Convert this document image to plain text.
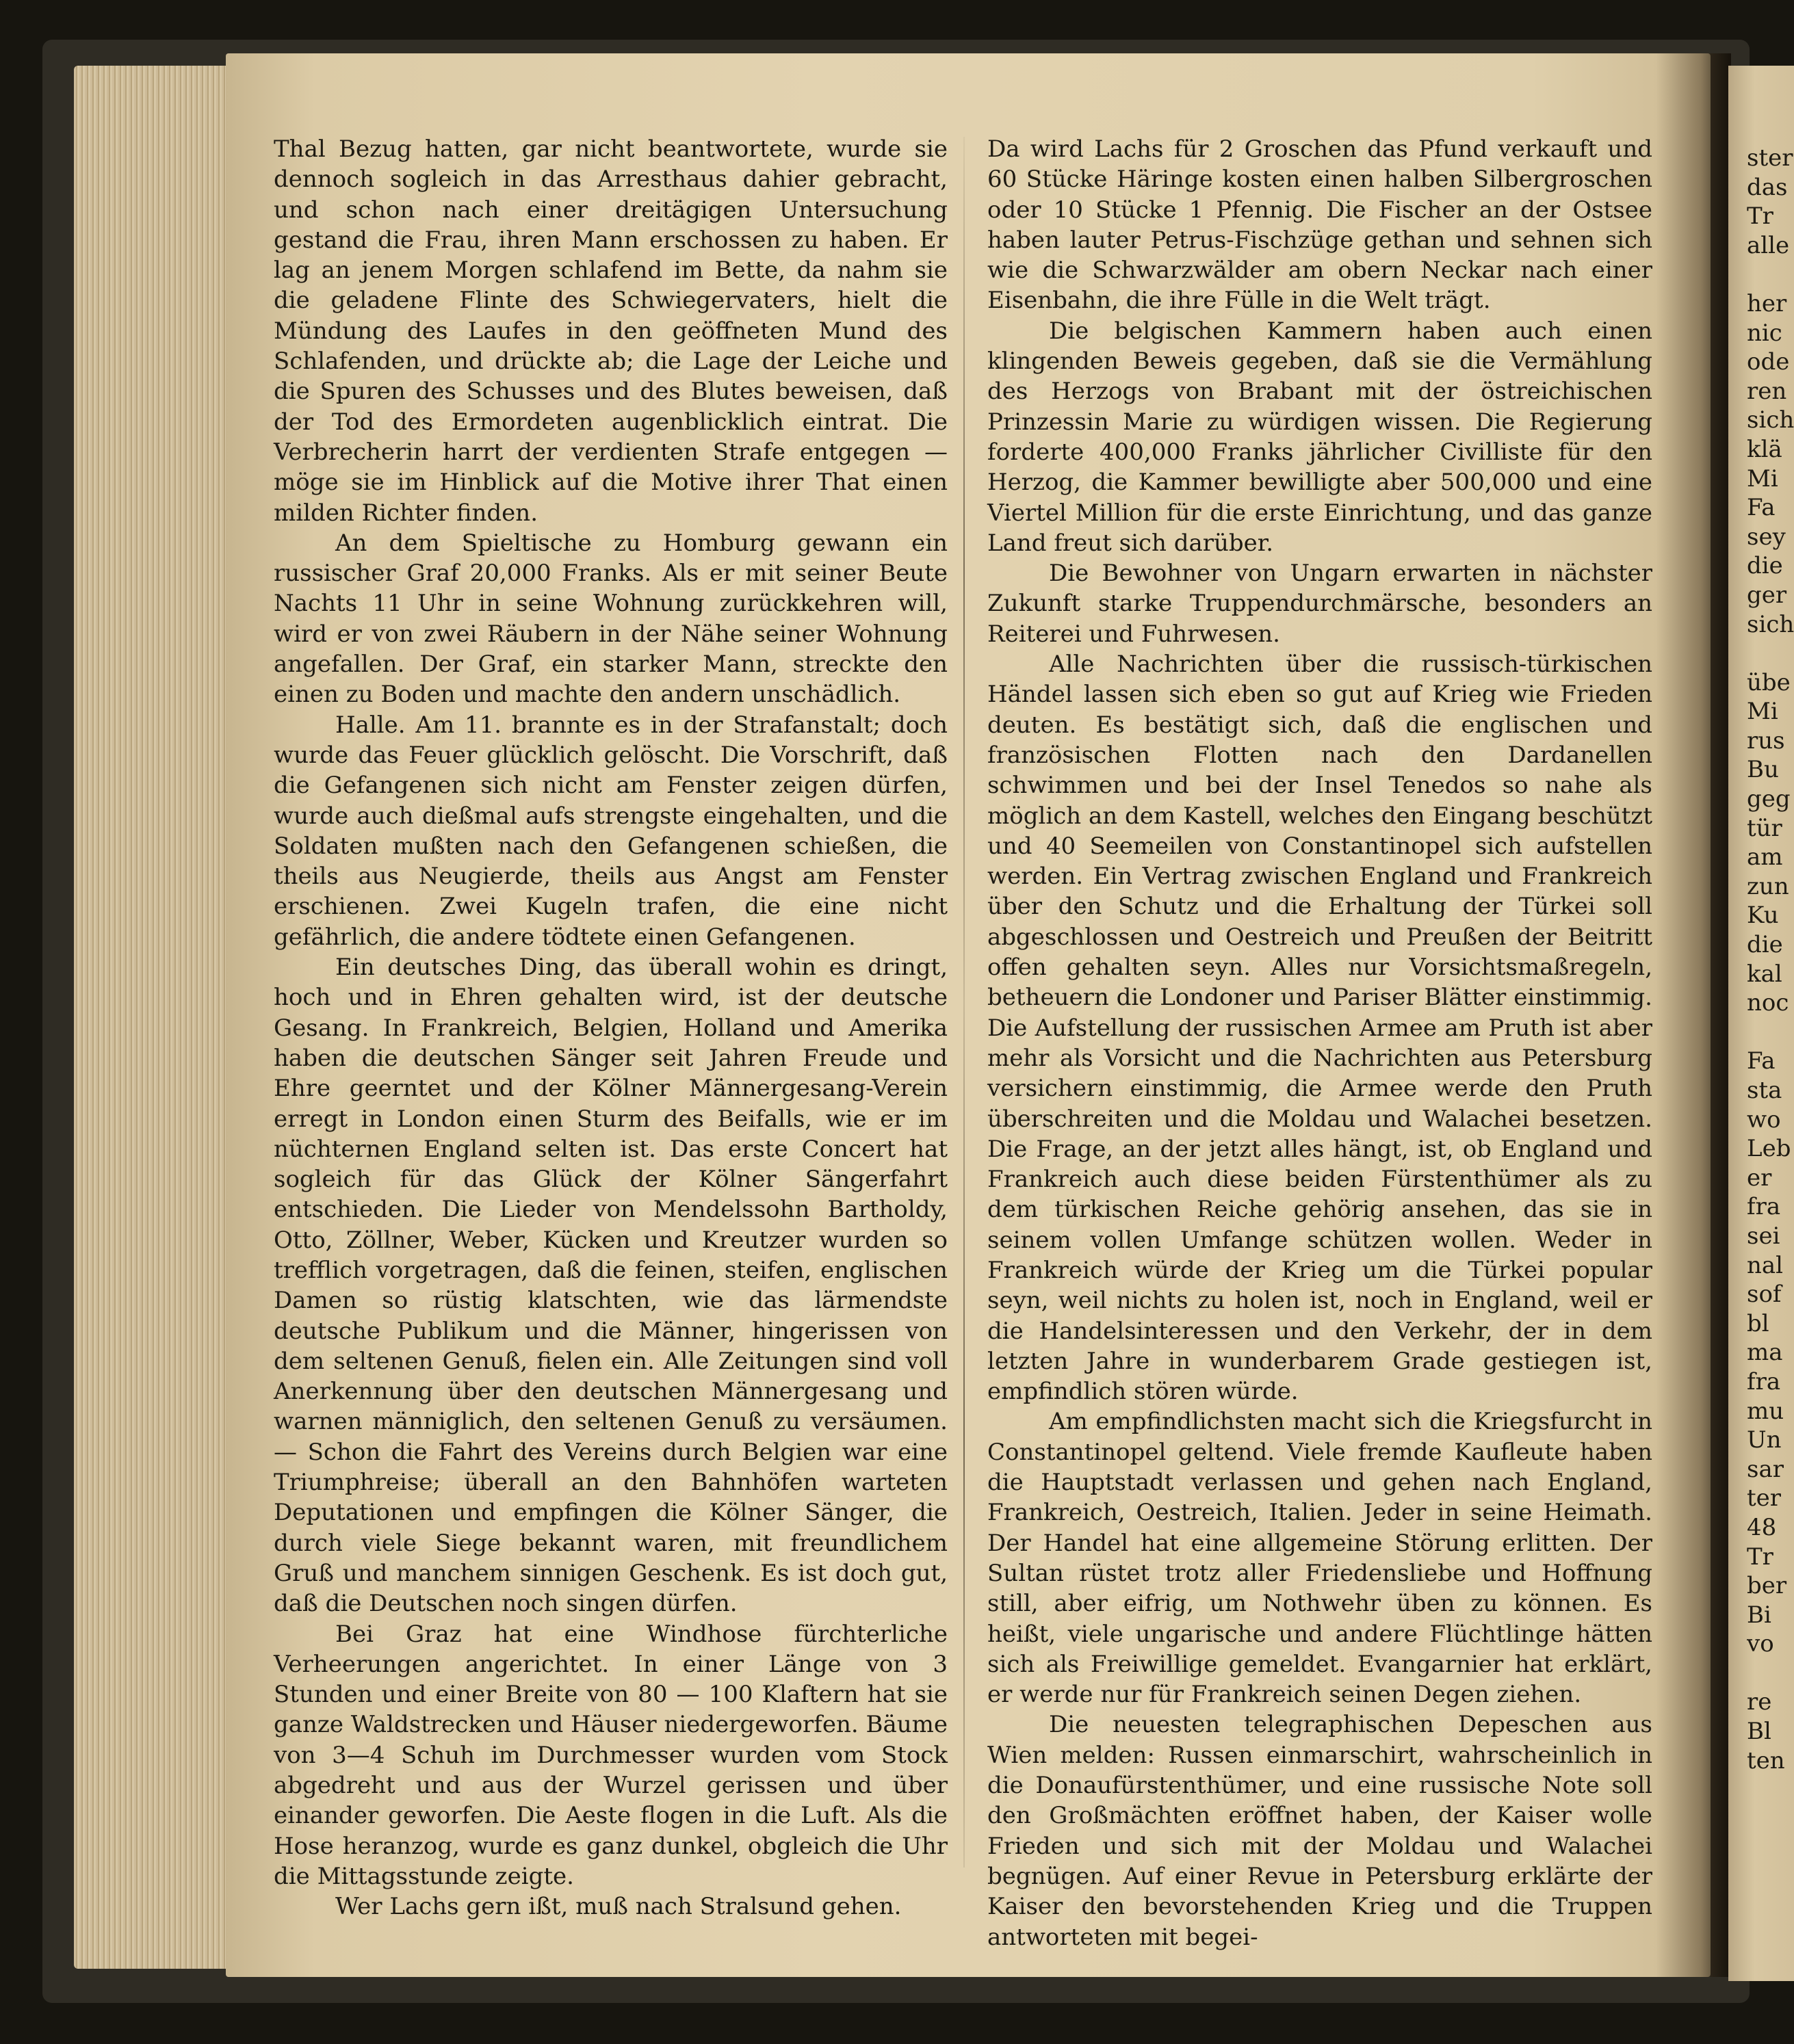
Thal Bezug hatten, gar nicht beantwortete, wurde sie dennoch sogleich in das Arresthaus dahier gebracht, und schon nach einer dreitägigen Untersuchung gestand die Frau, ihren Mann erschossen zu haben. Er lag an jenem Morgen schlafend im Bette, da nahm sie die geladene Flinte des Schwiegervaters, hielt die Mündung des Laufes in den geöffneten Mund des Schlafenden, und drückte ab; die Lage der Leiche und die Spuren des Schusses und des Blutes beweisen, daß der Tod des Ermordeten augenblicklich eintrat. Die Verbrecherin harrt der verdienten Strafe entgegen — möge sie im Hinblick auf die Motive ihrer That einen milden Richter finden.

An dem Spieltische zu Homburg gewann ein russischer Graf 20,000 Franks. Als er mit seiner Beute Nachts 11 Uhr in seine Wohnung zurückkehren will, wird er von zwei Räubern in der Nähe seiner Wohnung angefallen. Der Graf, ein starker Mann, streckte den einen zu Boden und machte den andern unschädlich.

Halle. Am 11. brannte es in der Strafanstalt; doch wurde das Feuer glücklich gelöscht. Die Vorschrift, daß die Gefangenen sich nicht am Fenster zeigen dürfen, wurde auch dießmal aufs strengste eingehalten, und die Soldaten mußten nach den Gefangenen schießen, die theils aus Neugierde, theils aus Angst am Fenster erschienen. Zwei Kugeln trafen, die eine nicht gefährlich, die andere tödtete einen Gefangenen.

Ein deutsches Ding, das überall wohin es dringt, hoch und in Ehren gehalten wird, ist der deutsche Gesang. In Frankreich, Belgien, Holland und Amerika haben die deutschen Sänger seit Jahren Freude und Ehre geerntet und der Kölner Männergesang-Verein erregt in London einen Sturm des Beifalls, wie er im nüchternen England selten ist. Das erste Concert hat sogleich für das Glück der Kölner Sängerfahrt entschieden. Die Lieder von Mendelssohn Bartholdy, Otto, Zöllner, Weber, Kücken und Kreutzer wurden so trefflich vorgetragen, daß die feinen, steifen, englischen Damen so rüstig klatschten, wie das lärmendste deutsche Publikum und die Männer, hingerissen von dem seltenen Genuß, fielen ein. Alle Zeitungen sind voll Anerkennung über den deutschen Männergesang und warnen männiglich, den seltenen Genuß zu versäumen. — Schon die Fahrt des Vereins durch Belgien war eine Triumphreise; überall an den Bahnhöfen warteten Deputationen und empfingen die Kölner Sänger, die durch viele Siege bekannt waren, mit freundlichem Gruß und manchem sinnigen Geschenk. Es ist doch gut, daß die Deutschen noch singen dürfen.

Bei Graz hat eine Windhose fürchterliche Verheerungen angerichtet. In einer Länge von 3 Stunden und einer Breite von 80 — 100 Klaftern hat sie ganze Waldstrecken und Häuser niedergeworfen. Bäume von 3—4 Schuh im Durchmesser wurden vom Stock abgedreht und aus der Wurzel gerissen und über einander geworfen. Die Aeste flogen in die Luft. Als die Hose heranzog, wurde es ganz dunkel, obgleich die Uhr die Mittagsstunde zeigte.

Wer Lachs gern ißt, muß nach Stralsund gehen.

Da wird Lachs für 2 Groschen das Pfund verkauft und 60 Stücke Häringe kosten einen halben Silbergroschen oder 10 Stücke 1 Pfennig. Die Fischer an der Ostsee haben lauter Petrus-Fischzüge gethan und sehnen sich wie die Schwarzwälder am obern Neckar nach einer Eisenbahn, die ihre Fülle in die Welt trägt.

Die belgischen Kammern haben auch einen klingenden Beweis gegeben, daß sie die Vermählung des Herzogs von Brabant mit der östreichischen Prinzessin Marie zu würdigen wissen. Die Regierung forderte 400,000 Franks jährlicher Civilliste für den Herzog, die Kammer bewilligte aber 500,000 und eine Viertel Million für die erste Einrichtung, und das ganze Land freut sich darüber.

Die Bewohner von Ungarn erwarten in nächster Zukunft starke Truppendurchmärsche, besonders an Reiterei und Fuhrwesen.

Alle Nachrichten über die russisch-türkischen Händel lassen sich eben so gut auf Krieg wie Frieden deuten. Es bestätigt sich, daß die englischen und französischen Flotten nach den Dardanellen schwimmen und bei der Insel Tenedos so nahe als möglich an dem Kastell, welches den Eingang beschützt und 40 Seemeilen von Constantinopel sich aufstellen werden. Ein Vertrag zwischen England und Frankreich über den Schutz und die Erhaltung der Türkei soll abgeschlossen und Oestreich und Preußen der Beitritt offen gehalten seyn. Alles nur Vorsichtsmaßregeln, betheuern die Londoner und Pariser Blätter einstimmig. Die Aufstellung der russischen Armee am Pruth ist aber mehr als Vorsicht und die Nachrichten aus Petersburg versichern einstimmig, die Armee werde den Pruth überschreiten und die Moldau und Walachei besetzen. Die Frage, an der jetzt alles hängt, ist, ob England und Frankreich auch diese beiden Fürstenthümer als zu dem türkischen Reiche gehörig ansehen, das sie in seinem vollen Umfange schützen wollen. Weder in Frankreich würde der Krieg um die Türkei popular seyn, weil nichts zu holen ist, noch in England, weil er die Handelsinteressen und den Verkehr, der in dem letzten Jahre in wunderbarem Grade gestiegen ist, empfindlich stören würde.

Am empfindlichsten macht sich die Kriegsfurcht in Constantinopel geltend. Viele fremde Kaufleute haben die Hauptstadt verlassen und gehen nach England, Frankreich, Oestreich, Italien. Jeder in seine Heimath. Der Handel hat eine allgemeine Störung erlitten. Der Sultan rüstet trotz aller Friedensliebe und Hoffnung still, aber eifrig, um Nothwehr üben zu können. Es heißt, viele ungarische und andere Flüchtlinge hätten sich als Freiwillige gemeldet. Evangarnier hat erklärt, er werde nur für Frankreich seinen Degen ziehen.

Die neuesten telegraphischen Depeschen aus Wien melden: Russen einmarschirt, wahrscheinlich in die Donaufürstenthümer, und eine russische Note soll den Großmächten eröffnet haben, der Kaiser wolle Frieden und sich mit der Moldau und Walachei begnügen. Auf einer Revue in Petersburg erklärte der Kaiser den bevorstehenden Krieg und die Truppen antworteten mit begei-

ster
das
Tr
alle
her
nic
ode
ren
sich
klä
Mi
Fa
sey
die
ger
sich
übe
Mi
rus
Bu
geg
tür
am
zun
Ku
die
kal
noc
Fa
sta
wo
Leb
er
fra
sei
nal
sof
bl
ma
fra
mu
Un
sar
ter
48
Tr
ber
Bi
vo
re
Bl
ten
